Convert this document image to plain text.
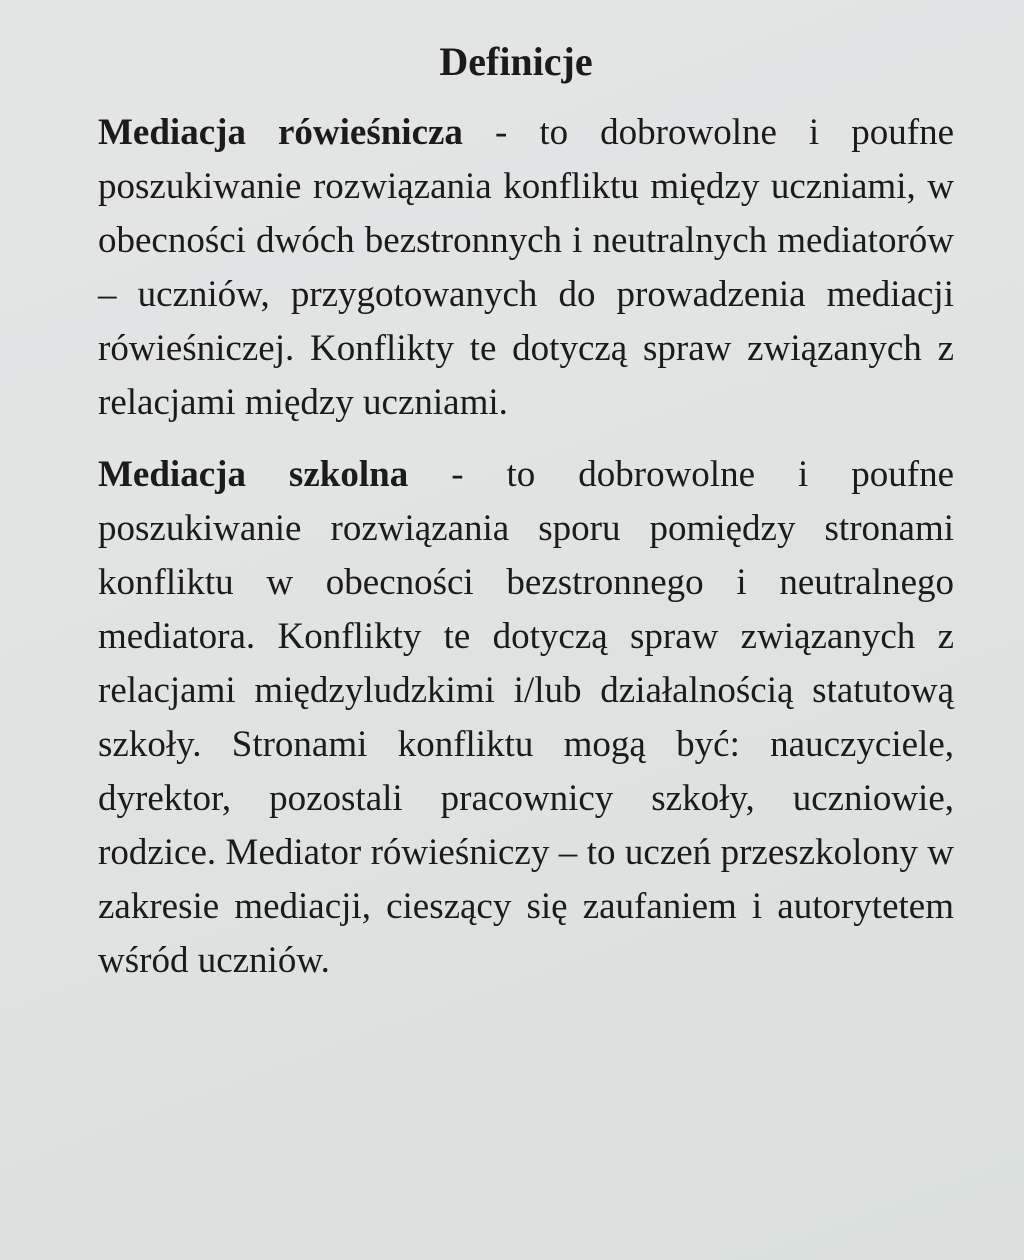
Definicje

Mediacja rówieśnicza - to dobrowolne i poufne poszukiwanie rozwiązania konfliktu między uczniami, w obecności dwóch bezstronnych i neutralnych mediatorów – uczniów, przygotowanych do prowadzenia mediacji rówieśniczej. Konflikty te dotyczą spraw związanych z relacjami między uczniami.

Mediacja szkolna - to dobrowolne i poufne poszukiwanie rozwiązania sporu pomiędzy stronami konfliktu w obecności bezstronnego i neutralnego mediatora. Konflikty te dotyczą spraw związanych z relacjami międzyludzkimi i/lub działalnością statutową szkoły. Stronami konfliktu mogą być: nauczyciele, dyrektor, pozostali pracownicy szkoły, uczniowie, rodzice. Mediator rówieśniczy – to uczeń przeszkolony w zakresie mediacji, cieszący się zaufaniem i autorytetem wśród uczniów.
